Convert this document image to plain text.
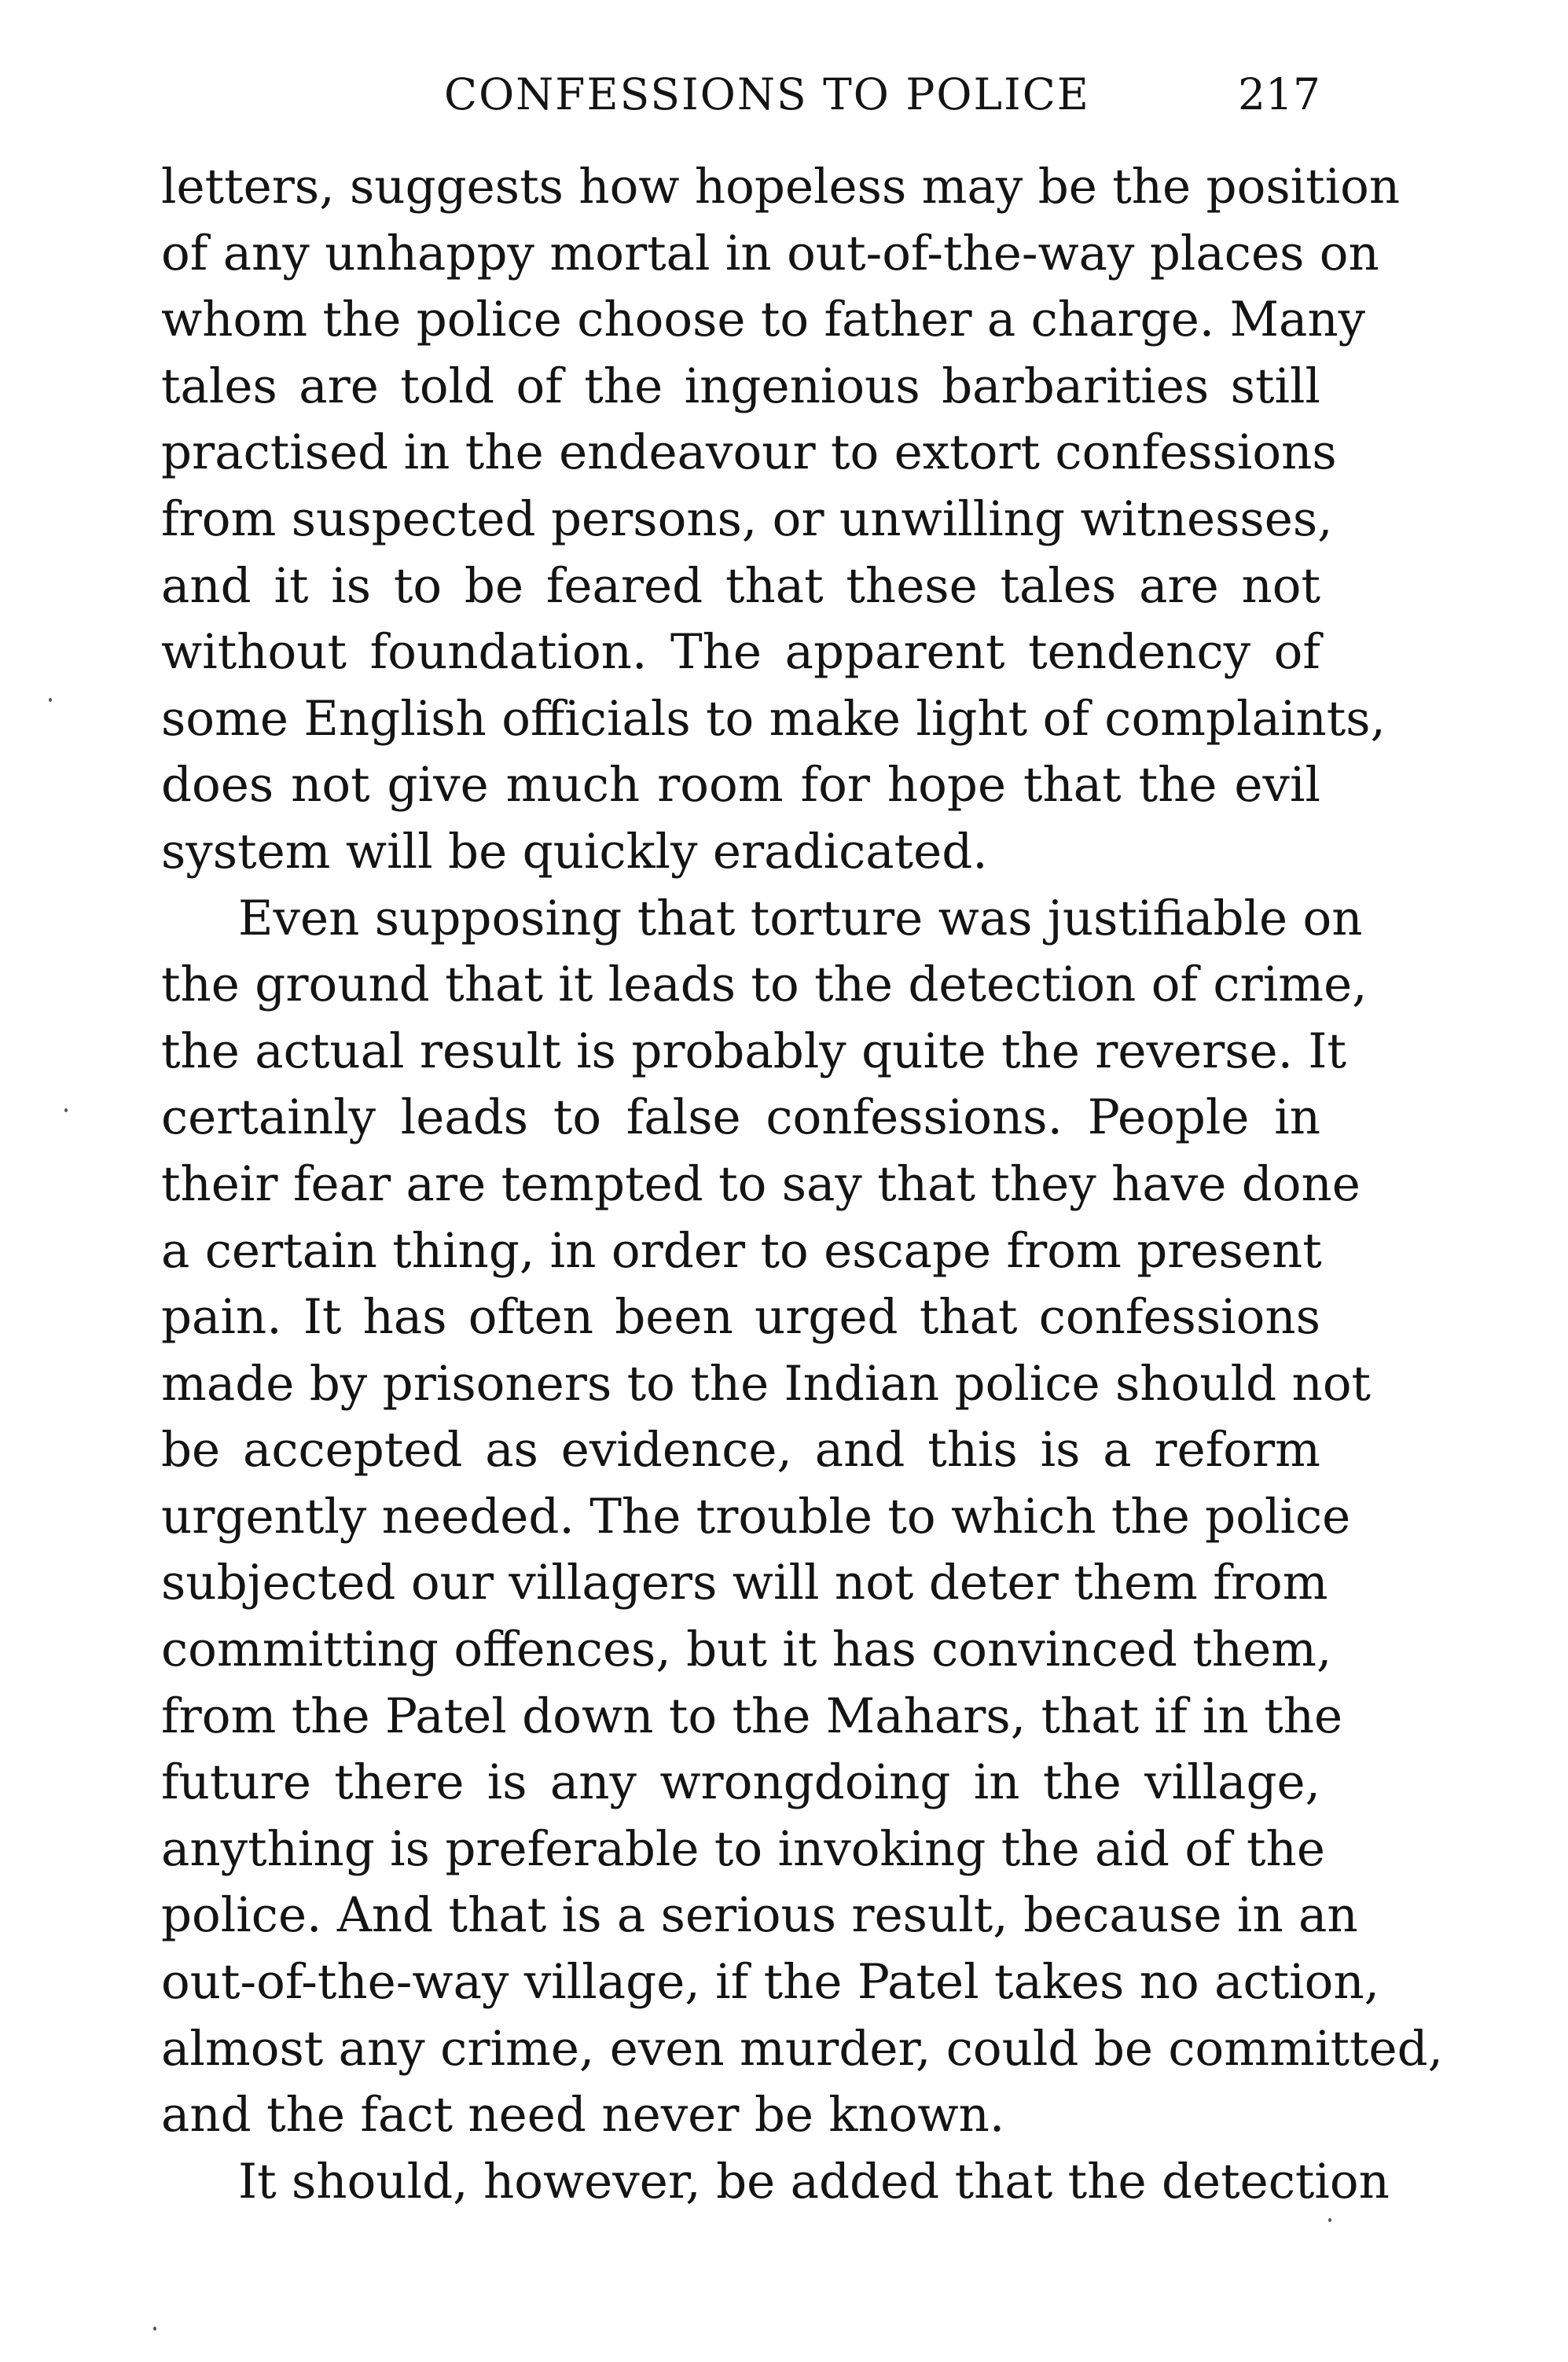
CONFESSIONS TO POLICE	217
letters, suggests how hopeless may be the position
of any unhappy mortal in out-of-the-way places on
whom the police choose to father a charge. Many
tales are told of the ingenious barbarities still
practised in the endeavour to extort confessions
from suspected persons, or unwilling witnesses,
and it is to be feared that these tales are not
without foundation. The apparent tendency of
some English officials to make light of complaints,
does not give much room for hope that the evil
system will be quickly eradicated.
Even supposing that torture was justifiable on
the ground that it leads to the detection of crime,
the actual result is probably quite the reverse. It
certainly leads to false confessions. People in
their fear are tempted to say that they have done
a certain thing, in order to escape from present
pain. It has often been urged that confessions
made by prisoners to the Indian police should not
be accepted as evidence, and this is a reform
urgently needed. The trouble to which the police
subjected our villagers will not deter them from
committing offences, but it has convinced them,
from the Patel down to the Mahars, that if in the
future there is any wrongdoing in the village,
anything is preferable to invoking the aid of the
police. And that is a serious result, because in an
out-of-the-way village, if the Patel takes no action,
almost any crime, even murder, could be committed,
and the fact need never be known.
It should, however, be added that the detection
